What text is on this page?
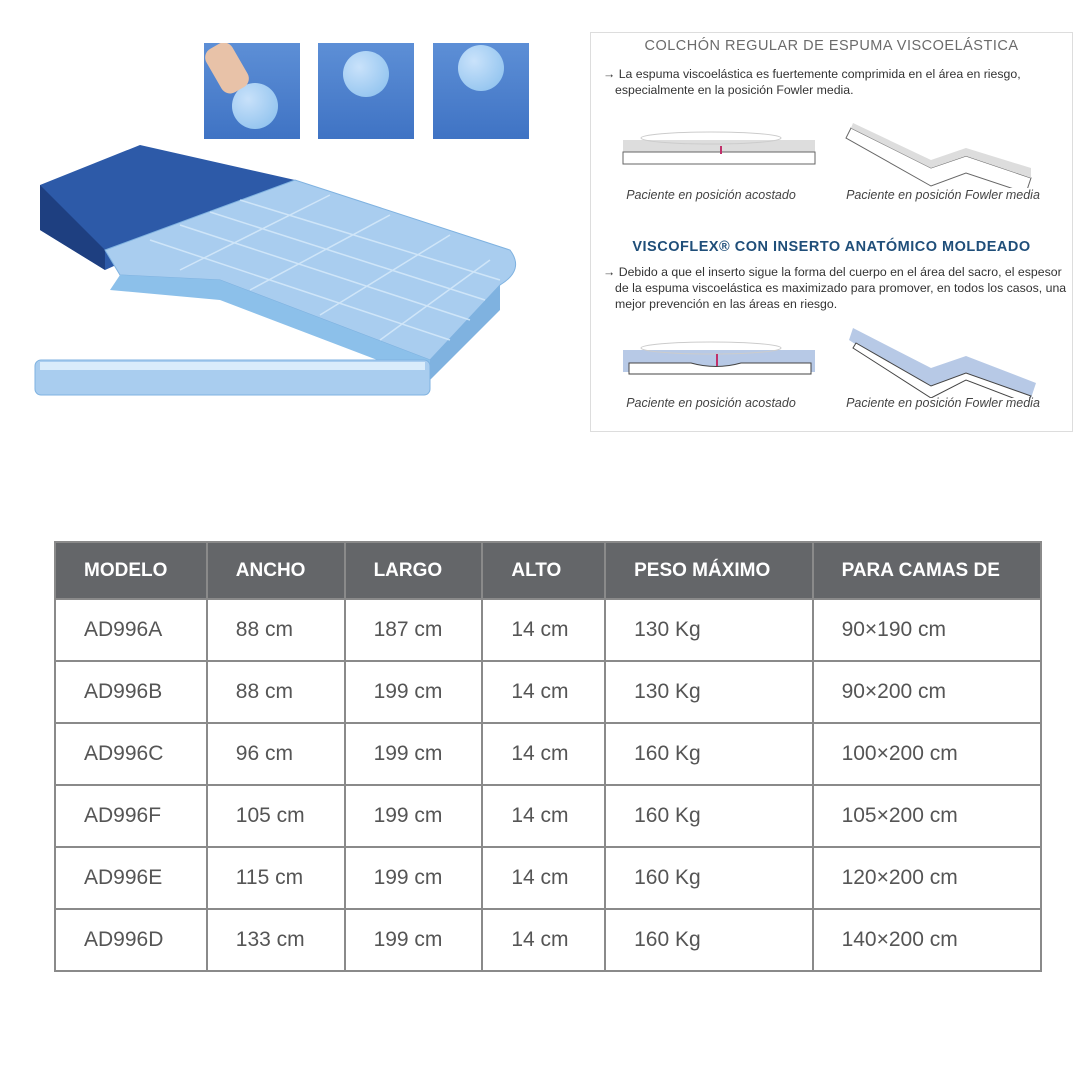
COLCHÓN REGULAR DE ESPUMA VISCOELÁSTICA
→ La espuma viscoelástica es fuertemente comprimida en el área en riesgo, especialmente en la posición Fowler media.
Paciente en posición acostado	Paciente en posición Fowler media
VISCOFLEX® CON INSERTO ANATÓMICO MOLDEADO
→ Debido a que el inserto sigue la forma del cuerpo en el área del sacro, el espesor de la espuma viscoelástica es maximizado para promover, en todos los casos, una mejor prevención en las áreas en riesgo.
Paciente en posición acostado	Paciente en posición Fowler media
MODELO	ANCHO	LARGO	ALTO	PESO MÁXIMO	PARA CAMAS DE
AD996A	88 cm	187 cm	14 cm	130 Kg	90×190 cm
AD996B	88 cm	199 cm	14 cm	130 Kg	90×200 cm
AD996C	96 cm	199 cm	14 cm	160 Kg	100×200 cm
AD996F	105 cm	199 cm	14 cm	160 Kg	105×200 cm
AD996E	115 cm	199 cm	14 cm	160 Kg	120×200 cm
AD996D	133 cm	199 cm	14 cm	160 Kg	140×200 cm
